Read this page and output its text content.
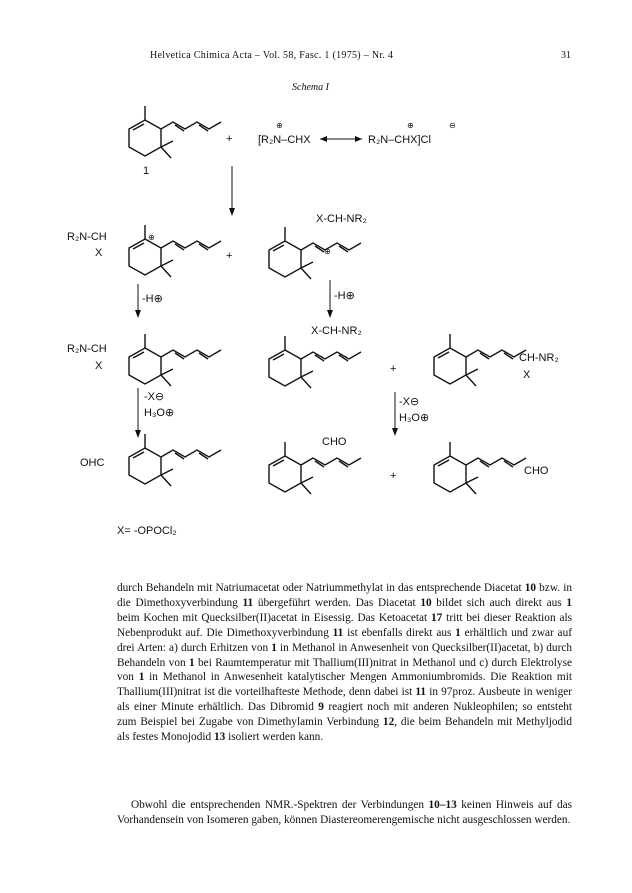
Helvetica Chimica Acta – Vol. 58, Fasc. 1 (1975) – Nr. 4	31
Schema I
1
+ [R₂N–CHX
⊕
R₂N–CHX]Cl
⊕	⊖
R₂N-CH
X
⊕
+
X-CH-NR₂
⊕
-H⊕	-H⊕
R₂N-CH
X
X-CH-NR₂
+
CH-NR₂
X
-X⊖
H₃O⊕
-X⊖
H₃O⊕
OHC
CHO
+	CHO
X= -OPOCl₂
durch Behandeln mit Natriumacetat oder Natriummethylat in das entsprechende Diacetat 10 bzw. in die Dimethoxyverbindung 11 übergeführt werden. Das Diacetat 10 bildet sich auch direkt aus 1 beim Kochen mit Quecksilber(II)acetat in Eisessig. Das Ketoacetat 17 tritt bei dieser Reaktion als Nebenprodukt auf. Die Dimethoxyverbindung 11 ist ebenfalls direkt aus 1 erhältlich und zwar auf drei Arten: a) durch Erhitzen von 1 in Methanol in Anwesenheit von Quecksilber(II)acetat, b) durch Behandeln von 1 bei Raumtemperatur mit Thallium(III)nitrat in Methanol und c) durch Elektrolyse von 1 in Methanol in Anwesenheit katalytischer Mengen Ammoniumbromids. Die Reaktion mit Thallium(III)nitrat ist die vorteilhafteste Methode, denn dabei ist 11 in 97proz. Ausbeute in weniger als einer Minute erhältlich. Das Dibromid 9 reagiert noch mit anderen Nukleophilen; so entsteht zum Beispiel bei Zugabe von Dimethylamin Verbindung 12, die beim Behandeln mit Methyljodid als festes Monojodid 13 isoliert werden kann.
Obwohl die entsprechenden NMR.-Spektren der Verbindungen 10–13 keinen Hinweis auf das Vorhandensein von Isomeren gaben, können Diastereomerengemische nicht ausgeschlossen werden.
